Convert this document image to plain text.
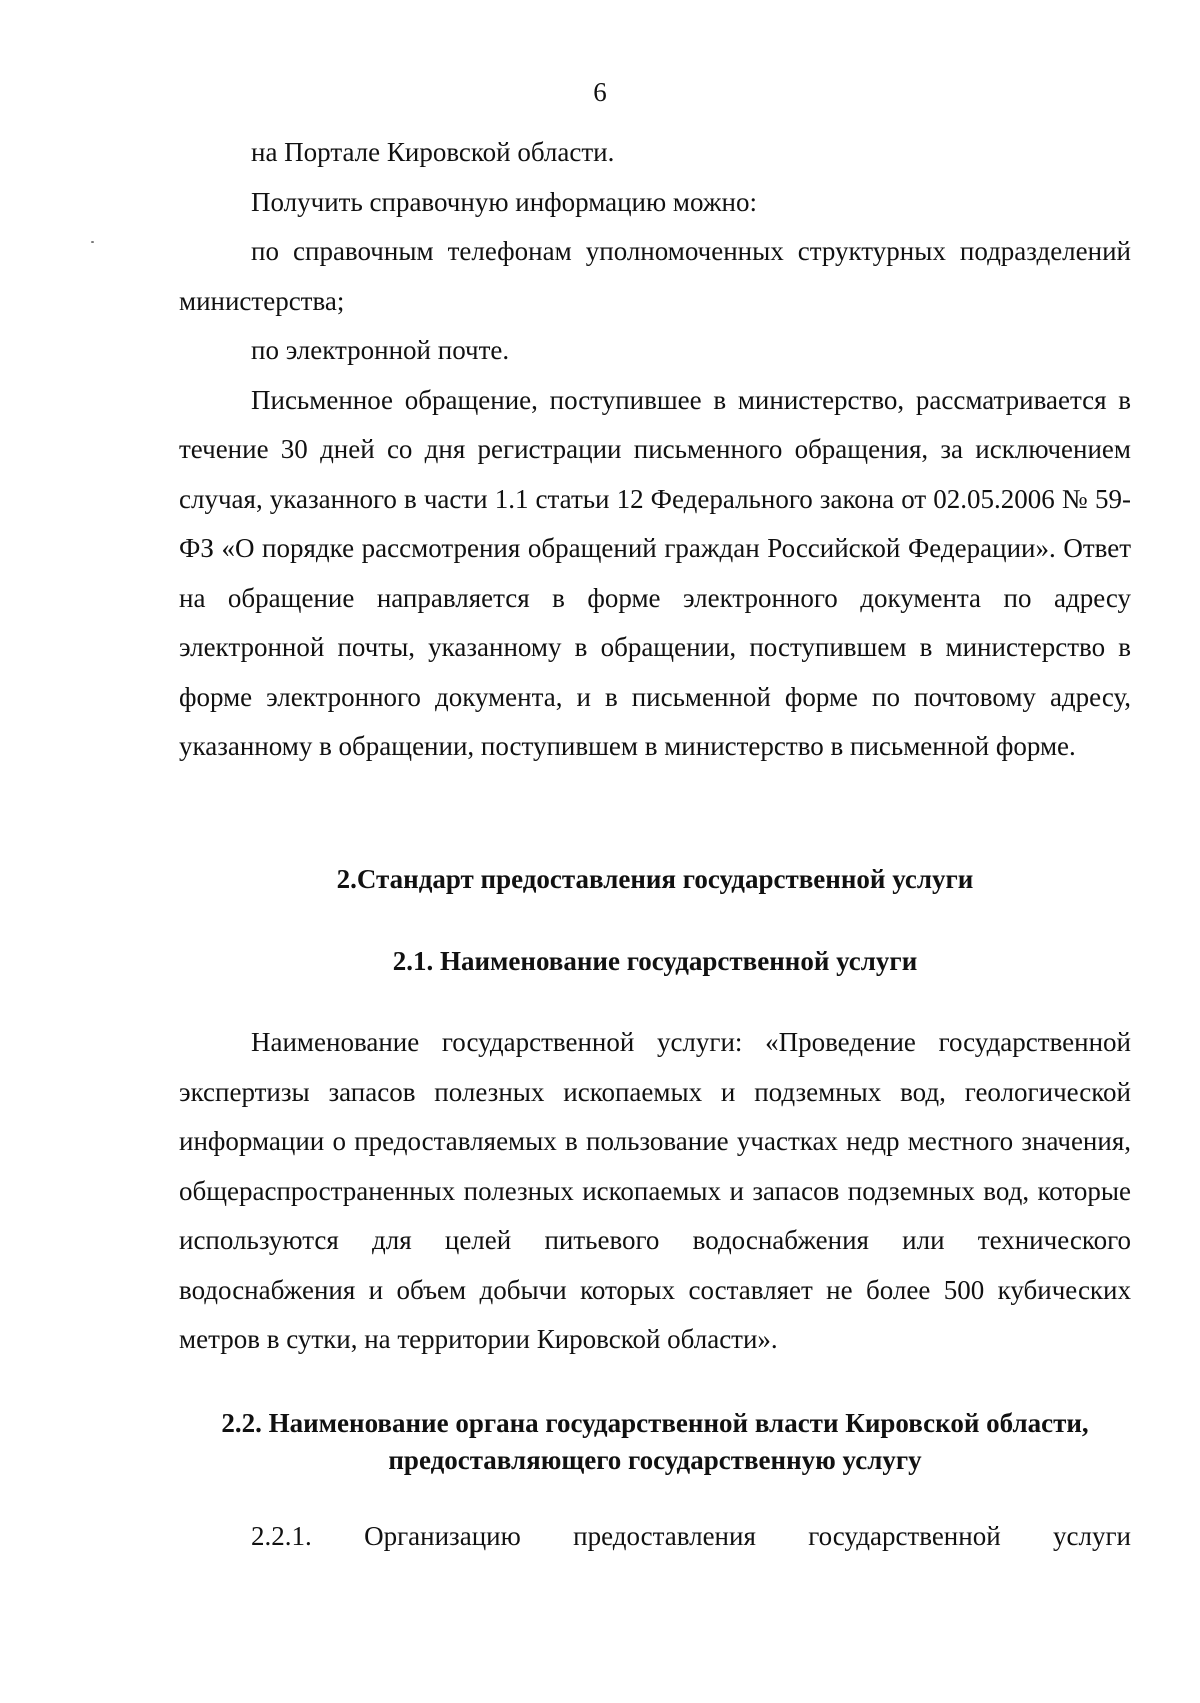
6

на Портале Кировской области.

Получить справочную информацию можно:

по справочным телефонам уполномоченных структурных подразделений министерства;

по электронной почте.

Письменное обращение, поступившее в министерство, рассматривается в течение 30 дней со дня регистрации письменного обращения, за исключением случая, указанного в части 1.1 статьи 12 Федерального закона от 02.05.2006 № 59-ФЗ «О порядке рассмотрения обращений граждан Российской Федерации». Ответ на обращение направляется в форме электронного документа по адресу электронной почты, указанному в обращении, поступившем в министерство в форме электронного документа, и в письменной форме по почтовому адресу, указанному в обращении, поступившем в министерство в письменной форме.

2.Стандарт предоставления государственной услуги
2.1. Наименование государственной услуги

Наименование государственной услуги: «Проведение государственной экспертизы запасов полезных ископаемых и подземных вод, геологической информации о предоставляемых в пользование участках недр местного значения, общераспространенных полезных ископаемых и запасов подземных вод, которые используются для целей питьевого водоснабжения или технического водоснабжения и объем добычи которых составляет не более 500 кубических метров в сутки, на территории Кировской области».

2.2. Наименование органа государственной власти Кировской области,
предоставляющего государственную услугу

2.2.1. Организацию предоставления государственной услуги
